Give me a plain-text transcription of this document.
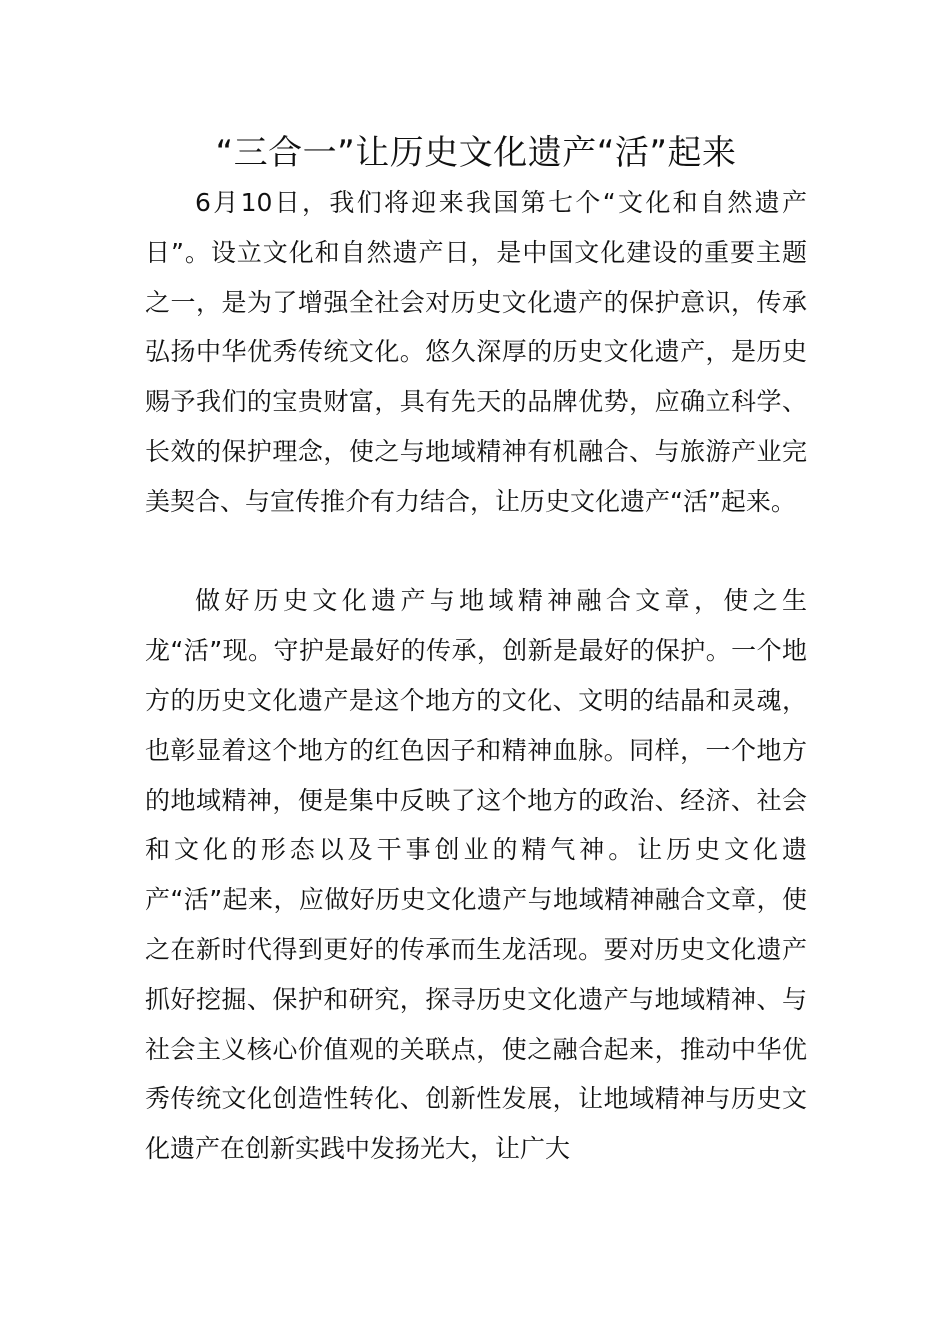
“三合一”让历史文化遗产“活”起来

6月10日，我们将迎来我国第七个“文化和自然遗产日”。设立文化和自然遗产日，是中国文化建设的重要主题之一，是为了增强全社会对历史文化遗产的保护意识，传承弘扬中华优秀传统文化。悠久深厚的历史文化遗产，是历史赐予我们的宝贵财富，具有先天的品牌优势，应确立科学、长效的保护理念，使之与地域精神有机融合、与旅游产业完美契合、与宣传推介有力结合，让历史文化遗产“活”起来。

做好历史文化遗产与地域精神融合文章，使之生龙“活”现。守护是最好的传承，创新是最好的保护。一个地方的历史文化遗产是这个地方的文化、文明的结晶和灵魂，也彰显着这个地方的红色因子和精神血脉。同样，一个地方的地域精神，便是集中反映了这个地方的政治、经济、社会和文化的形态以及干事创业的精气神。让历史文化遗产“活”起来，应做好历史文化遗产与地域精神融合文章，使之在新时代得到更好的传承而生龙活现。要对历史文化遗产抓好挖掘、保护和研究，探寻历史文化遗产与地域精神、与社会主义核心价值观的关联点，使之融合起来，推动中华优秀传统文化创造性转化、创新性发展，让地域精神与历史文化遗产在创新实践中发扬光大，让广大
